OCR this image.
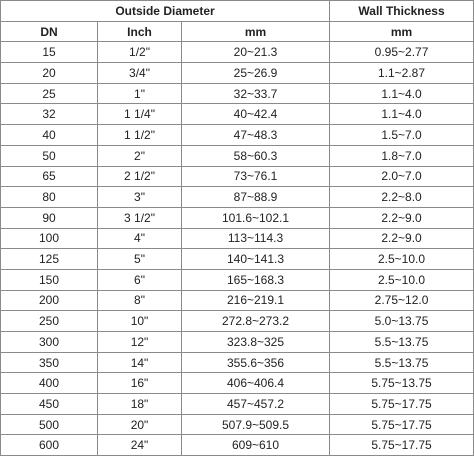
Outside Diameter			Wall Thickness
DN	Inch	mm	mm
15	1/2"	20~21.3	0.95~2.77
20	3/4"	25~26.9	1.1~2.87
25	1"	32~33.7	1.1~4.0
32	1 1/4"	40~42.4	1.1~4.0
40	1 1/2"	47~48.3	1.5~7.0
50	2"	58~60.3	1.8~7.0
65	2 1/2"	73~76.1	2.0~7.0
80	3"	87~88.9	2.2~8.0
90	3 1/2"	101.6~102.1	2.2~9.0
100	4"	113~114.3	2.2~9.0
125	5"	140~141.3	2.5~10.0
150	6"	165~168.3	2.5~10.0
200	8"	216~219.1	2.75~12.0
250	10"	272.8~273.2	5.0~13.75
300	12"	323.8~325	5.5~13.75
350	14"	355.6~356	5.5~13.75
400	16"	406~406.4	5.75~13.75
450	18"	457~457.2	5.75~17.75
500	20"	507.9~509.5	5.75~17.75
600	24"	609~610	5.75~17.75
